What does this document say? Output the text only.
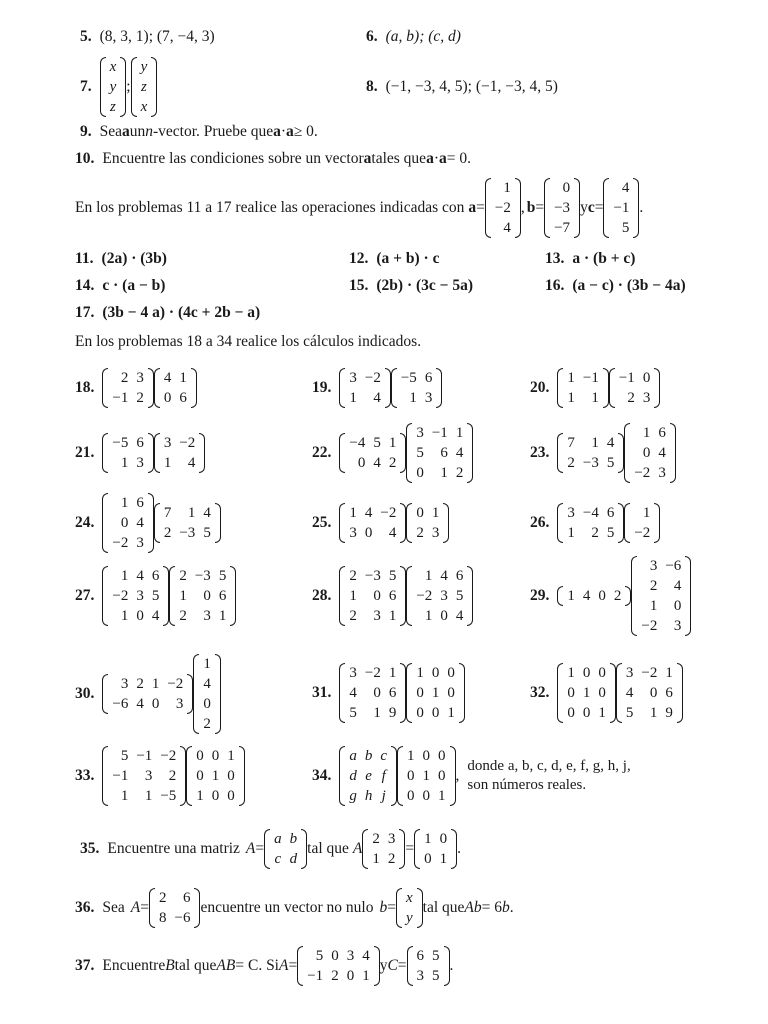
5. (8, 3, 1); (7, −4, 3)	6. (a, b); (c, d)
7.
x
y
z
;
y
z
x
8. (−1, −3, 4, 5); (−1, −3, 4, 5)
9. Sea a un n -vector. Pruebe que a · a ≥ 0.
10. Encuentre las condiciones sobre un vector a tales que a · a = 0.
En los problemas 11 a 17 realice las operaciones indicadas con a =
1
−2
4
, b =
0
−3
−7
y c =
4
−1
5
.
11. (2a) · (3b)	12. (a + b) · c	13. a · (b + c)
14. c · (a − b)	15. (2b) · (3c − 5a)	16. (a − c) · (3b − 4a)
17. (3b − 4 a) · (4c + 2b − a)
En los problemas 18 a 34 realice los cálculos indicados.
18.
2	3
−1	2
4	1
0	6
19.
3	−2
1	4
−5	6
1	3
20.
1	−1
1	1
−1	0
2	3
21.
−5	6
1	3
3	−2
1	4
22.
−4	5	1
0	4	2
3	−1	1
5	6	4
0	1	2
23.
7	1	4
2	−3	5
1	6
0	4
−2	3
24.
1	6
0	4
−2	3
7	1	4
2	−3	5
25.
1	4	−2
3	0	4
0	1
2	3
26.
3	−4	6
1	2	5
1
−2
27.
1	4	6
−2	3	5
1	0	4
2	−3	5
1	0	6
2	3	1
28.
2	−3	5
1	0	6
2	3	1
1	4	6
−2	3	5
1	0	4
29. 1	4	0	2
3	−6
2	4
1	0
−2	3
30.
3	2	1	−2
−6	4	0	3
1
4
0
2
31.
3	−2	1
4	0	6
5	1	9
1	0	0
0	1	0
0	0	1
32.
1	0	0
0	1	0
0	0	1
3	−2	1
4	0	6
5	1	9
33.
5	−1	−2
−1	3	2
1	1	−5
0	0	1
0	1	0
1	0	0
34.
a	b	c
d	e	f
g	h	j
1	0	0
0	1	0
0	0	1
,
donde a, b, c, d, e, f, g, h, j,
son números reales.
35. Encuentre una matriz A =
a	b
c	d
tal que A
2	3
1	2
=
1	0
0	1
.
36. Sea A =
2	6
8	−6
encuentre un vector no nulo b =
x
y
tal que Ab = 6 b .
37. Encuentre B tal que AB = C. Si A =
5	0	3	4
−1	2	0	1
y C =
6	5
3	5
.
